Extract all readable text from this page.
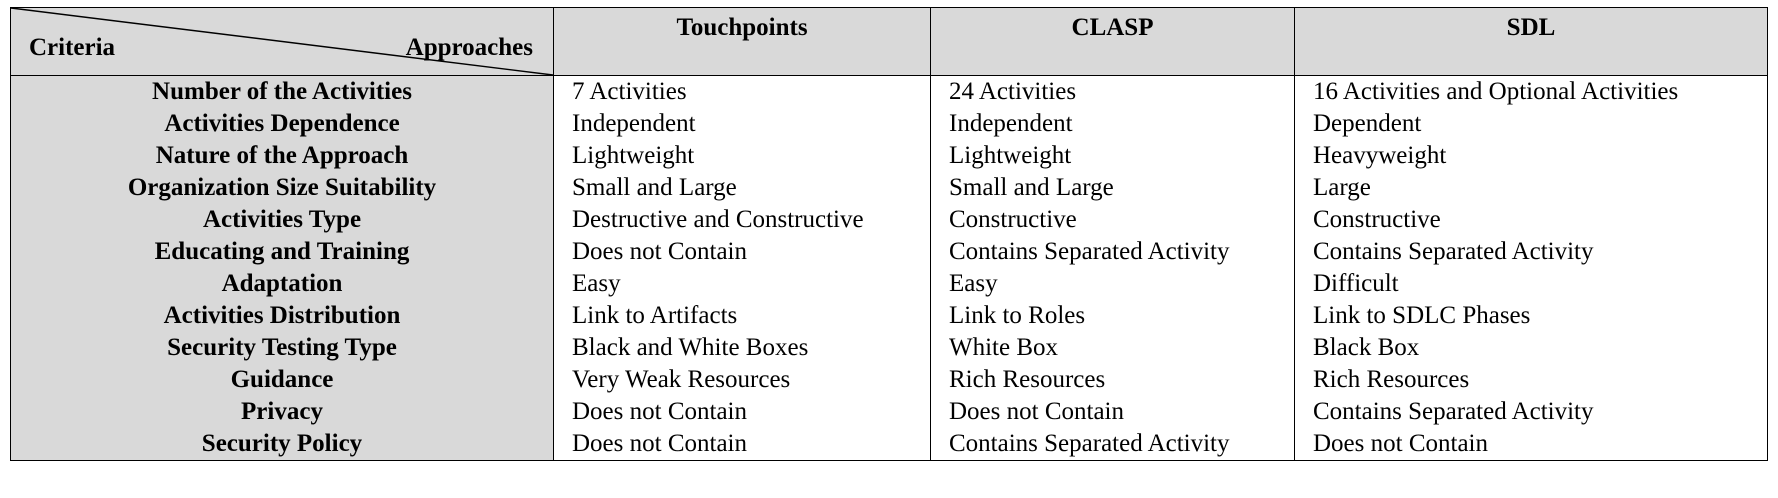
Criteria Approaches	Touchpoints	CLASP	SDL
Number of the Activities	7 Activities	24 Activities	16 Activities and Optional Activities
Activities Dependence	Independent	Independent	Dependent
Nature of the Approach	Lightweight	Lightweight	Heavyweight
Organization Size Suitability	Small and Large	Small and Large	Large
Activities Type	Destructive and Constructive	Constructive	Constructive
Educating and Training	Does not Contain	Contains Separated Activity	Contains Separated Activity
Adaptation	Easy	Easy	Difficult
Activities Distribution	Link to Artifacts	Link to Roles	Link to SDLC Phases
Security Testing Type	Black and White Boxes	White Box	Black Box
Guidance	Very Weak Resources	Rich Resources	Rich Resources
Privacy	Does not Contain	Does not Contain	Contains Separated Activity
Security Policy	Does not Contain	Contains Separated Activity	Does not Contain
